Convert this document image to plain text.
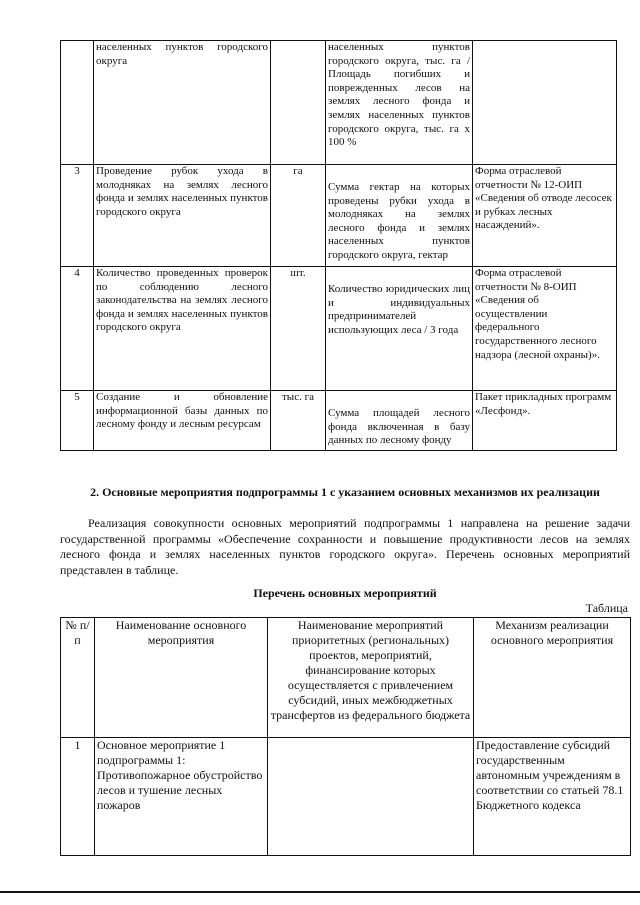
	населенных пунктов городского округа		населенных пунктов городского округа, тыс. га / Площадь погибших и поврежденных лесов на землях лесного фонда и землях населенных пунктов городского округа, тыс. га х 100 %	
3	Проведение рубок ухода в молодняках на землях лесного фонда и землях населенных пунктов городского округа	га	Сумма гектар на которых проведены рубки ухода в молодняках на землях лесного фонда и землях населенных пунктов городского округа, гектар	Форма отраслевой отчетности № 12-ОИП «Сведения об отводе лесосек и рубках лесных насаждений».
4	Количество проведенных проверок по соблюдению лесного законодательства на землях лесного фонда и землях населенных пунктов городского округа	шт.	Количество юридических лиц и индивидуальных предпринимателей использующих леса / 3 года	Форма отраслевой отчетности № 8-ОИП «Сведения об осуществлении федерального государственного лесного надзора (лесной охраны)».
5	Создание и обновление информационной базы данных по лесному фонду и лесным ресурсам	тыс. га	Сумма площадей лесного фонда включенная в базу данных по лесному фонду	Пакет прикладных программ «Лесфонд».
2. Основные мероприятия подпрограммы 1 с указанием основных механизмов их реализации

Реализация совокупности основных мероприятий подпрограммы 1 направлена на решение задачи государственной программы «Обеспечение сохранности и повышение продуктивности лесов на землях лесного фонда и землях населенных пунктов городского округа». Перечень основных мероприятий представлен в таблице.

Перечень основных мероприятий
Таблица
№ п/п	Наименование основного мероприятия	Наименование мероприятий приоритетных (региональных) проектов, мероприятий, финансирование которых осуществляется с привлечением субсидий, иных межбюджетных трансфертов из федерального бюджета	Механизм реализации основного мероприятия
1	Основное мероприятие 1 подпрограммы 1: Противопожарное обустройство лесов и тушение лесных пожаров		Предоставление субсидий государственным автономным учреждениям в соответствии со статьей 78.1 Бюджетного кодекса
